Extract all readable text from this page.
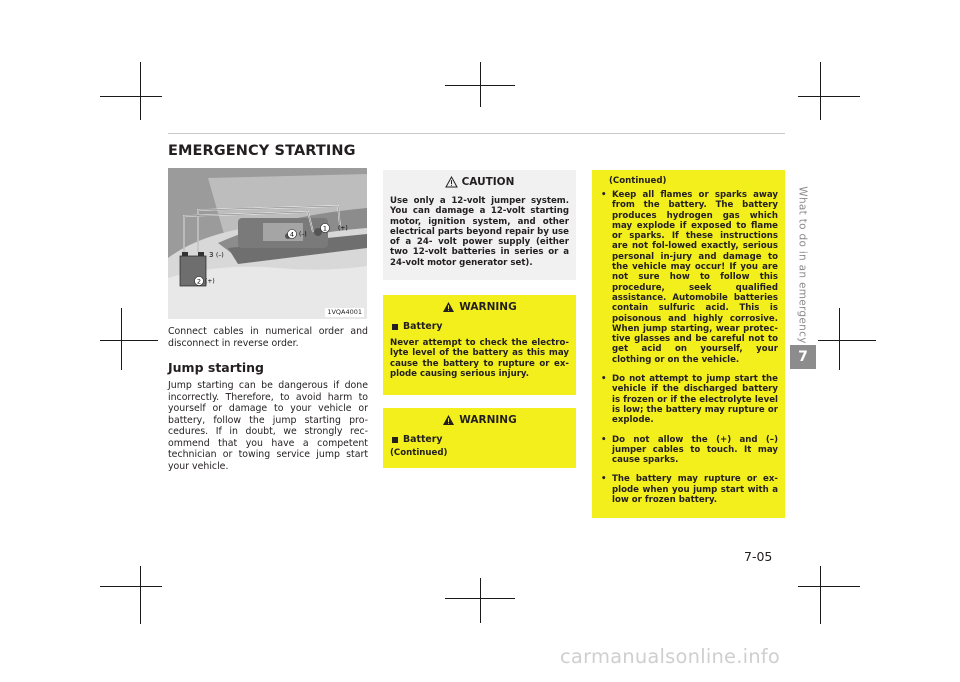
EMERGENCY STARTING
1 (+)
2 (+)
3 (–)
4 (–)
1VQA4001

Connect cables in numerical order and disconnect in reverse order.

Jump starting

Jump starting can be dangerous if done incorrectly. Therefore, to avoid harm to yourself or damage to your vehicle or battery, follow the jump starting pro-cedures. If in doubt, we strongly rec-ommend that you have a competent technician or towing service jump start your vehicle.

CAUTION

Use only a 12-volt jumper system. You can damage a 12-volt starting motor, ignition system, and other electrical parts beyond repair by use of a 24- volt power supply (either two 12-volt batteries in series or a 24-volt motor generator set).

WARNING
Battery

Never attempt to check the electro-lyte level of the battery as this may cause the battery to rupture or ex-plode causing serious injury.

WARNING
Battery

(Continued)

(Continued)

• Keep all flames or sparks away from the battery. The battery produces hydrogen gas which may explode if exposed to flame or sparks. If these instructions are not fol-lowed exactly, serious personal in-jury and damage to the vehicle may occur! If you are not sure how to follow this procedure, seek qualified assistance. Automobile batteries contain sulfuric acid. This is poisonous and highly corrosive. When jump starting, wear protec-tive glasses and be careful not to get acid on yourself, your clothing or on the vehicle.
• Do not attempt to jump start the vehicle if the discharged battery is frozen or if the electrolyte level is low; the battery may rupture or explode.
• Do not allow the (+) and (–) jumper cables to touch. It may cause sparks.
• The battery may rupture or ex-plode when you jump start with a low or frozen battery.
What to do in an emergency
7
7-05
carmanualsonline.info
